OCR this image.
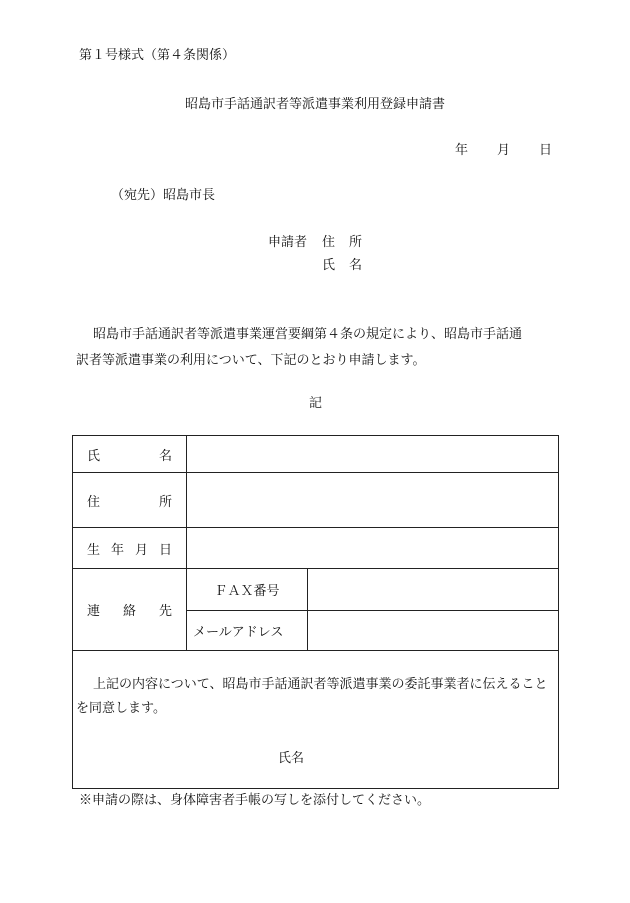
第１号様式（第４条関係）
昭島市手話通訳者等派遣事業利用登録申請書
年 月 日
（宛先）昭島市長
申請者 住 所
氏 名
昭島市手話通訳者等派遣事業運営要綱第４条の規定により、昭島市手話通
訳者等派遣事業の利用について、下記のとおり申請します。
記
氏 名		

住 所		

生 年 月 日		

連 絡 先	ＦＡＸ番号	
	メールアドレス	

上記の内容について、昭島市手話通訳者等派遣事業の委託事業者に伝えることを同意します。
氏名		
※申請の際は、身体障害者手帳の写しを添付してください。
